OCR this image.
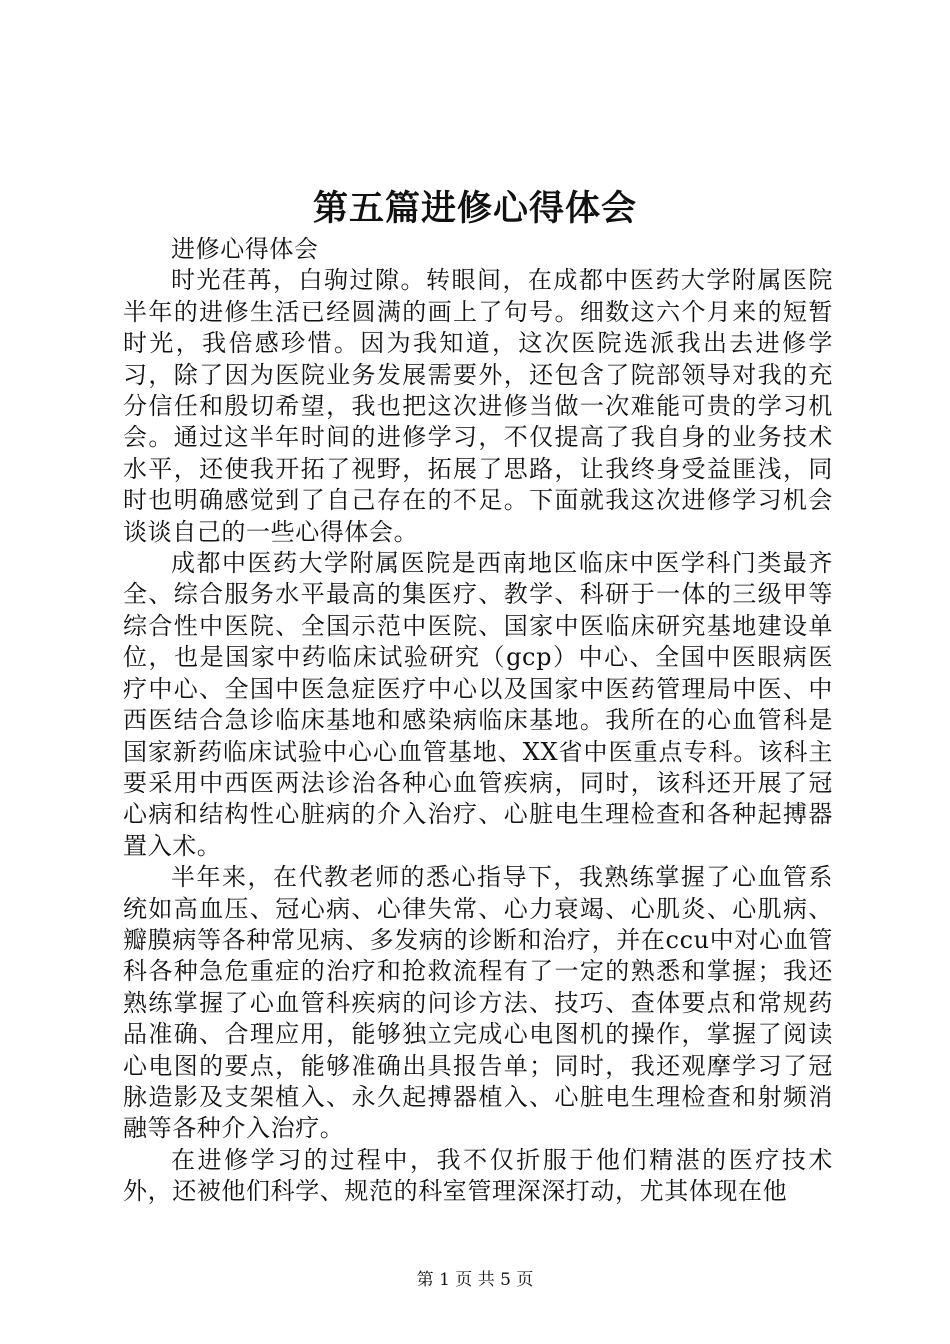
第五篇进修心得体会

进修心得体会

时光荏苒，白驹过隙。转眼间，在成都中医药大学附属医院半年的进修生活已经圆满的画上了句号。细数这六个月来的短暂时光，我倍感珍惜。因为我知道，这次医院选派我出去进修学习，除了因为医院业务发展需要外，还包含了院部领导对我的充分信任和殷切希望，我也把这次进修当做一次难能可贵的学习机会。通过这半年时间的进修学习，不仅提高了我自身的业务技术水平，还使我开拓了视野，拓展了思路，让我终身受益匪浅，同时也明确感觉到了自己存在的不足。下面就我这次进修学习机会谈谈自己的一些心得体会。

成都中医药大学附属医院是西南地区临床中医学科门类最齐全、综合服务水平最高的集医疗、教学、科研于一体的三级甲等综合性中医院、全国示范中医院、国家中医临床研究基地建设单位，也是国家中药临床试验研究（gcp）中心、全国中医眼病医疗中心、全国中医急症医疗中心以及国家中医药管理局中医、中西医结合急诊临床基地和感染病临床基地。我所在的心血管科是国家新药临床试验中心心血管基地、XX省中医重点专科。该科主要采用中西医两法诊治各种心血管疾病，同时，该科还开展了冠心病和结构性心脏病的介入治疗、心脏电生理检查和各种起搏器置入术。

半年来，在代教老师的悉心指导下，我熟练掌握了心血管系统如高血压、冠心病、心律失常、心力衰竭、心肌炎、心肌病、瓣膜病等各种常见病、多发病的诊断和治疗，并在ccu中对心血管科各种急危重症的治疗和抢救流程有了一定的熟悉和掌握；我还熟练掌握了心血管科疾病的问诊方法、技巧、查体要点和常规药品准确、合理应用，能够独立完成心电图机的操作，掌握了阅读心电图的要点，能够准确出具报告单；同时，我还观摩学习了冠脉造影及支架植入、永久起搏器植入、心脏电生理检查和射频消融等各种介入治疗。

在进修学习的过程中，我不仅折服于他们精湛的医疗技术外，还被他们科学、规范的科室管理深深打动，尤其体现在他

第 1 页 共 5 页
